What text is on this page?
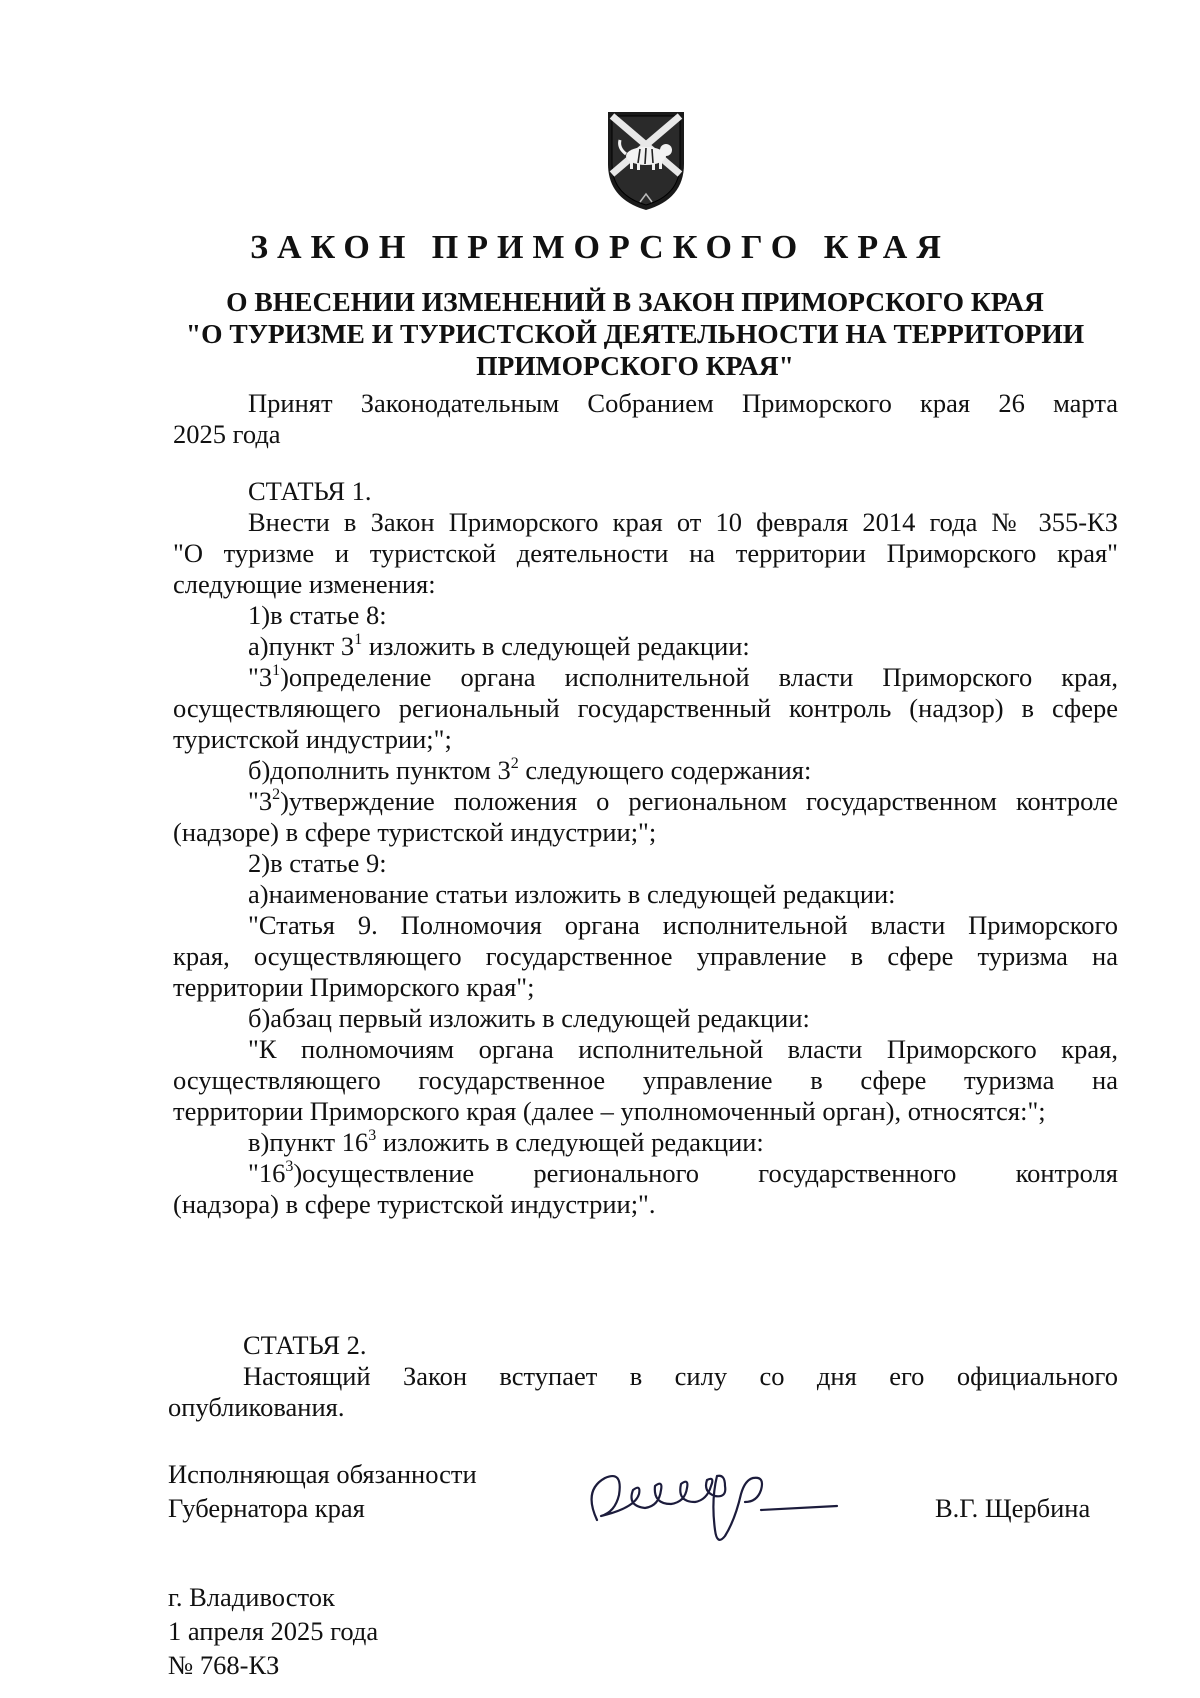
ЗАКОН ПРИМОРСКОГО КРАЯ
О ВНЕСЕНИИ ИЗМЕНЕНИЙ В ЗАКОН ПРИМОРСКОГО КРАЯ
"О ТУРИЗМЕ И ТУРИСТСКОЙ ДЕЯТЕЛЬНОСТИ НА ТЕРРИТОРИИ
ПРИМОРСКОГО КРАЯ"
Принят Законодательным Собранием Приморского края 26 марта
2025 года
СТАТЬЯ 1.
Внести в Закон Приморского края от 10 февраля 2014 года № 355-КЗ
"О туризме и туристской деятельности на территории Приморского края"
следующие изменения:
1)в статье 8:
а)пункт $3^1$ изложить в следующей редакции:
"$3^1)определение$ органа исполнительной власти Приморского края,
осуществляющего региональный государственный контроль (надзор) в сфере
туристской индустрии;";
б)дополнить пунктом $3^2$ следующего содержания:
"$3^2)утверждение$ положения о региональном государственном контроле
(надзоре) в сфере туристской индустрии;";
2)в статье 9:
а)наименование статьи изложить в следующей редакции:
"Статья 9. Полномочия органа исполнительной власти Приморского
края, осуществляющего государственное управление в сфере туризма на
территории Приморского края";
б)абзац первый изложить в следующей редакции:
"К полномочиям органа исполнительной власти Приморского края,
осуществляющего государственное управление в сфере туризма на
территории Приморского края (далее – уполномоченный орган), относятся:";
в)пункт $16^3$ изложить в следующей редакции:
"$16^3)осуществление$ регионального государственного контроля
(надзора) в сфере туристской индустрии;".
СТАТЬЯ 2.
Настоящий Закон вступает в силу со дня его официального
опубликования.
Исполняющая обязанности
Губернатора края	В.Г. Щербина
г. Владивосток
1 апреля 2025 года
№ 768-КЗ
